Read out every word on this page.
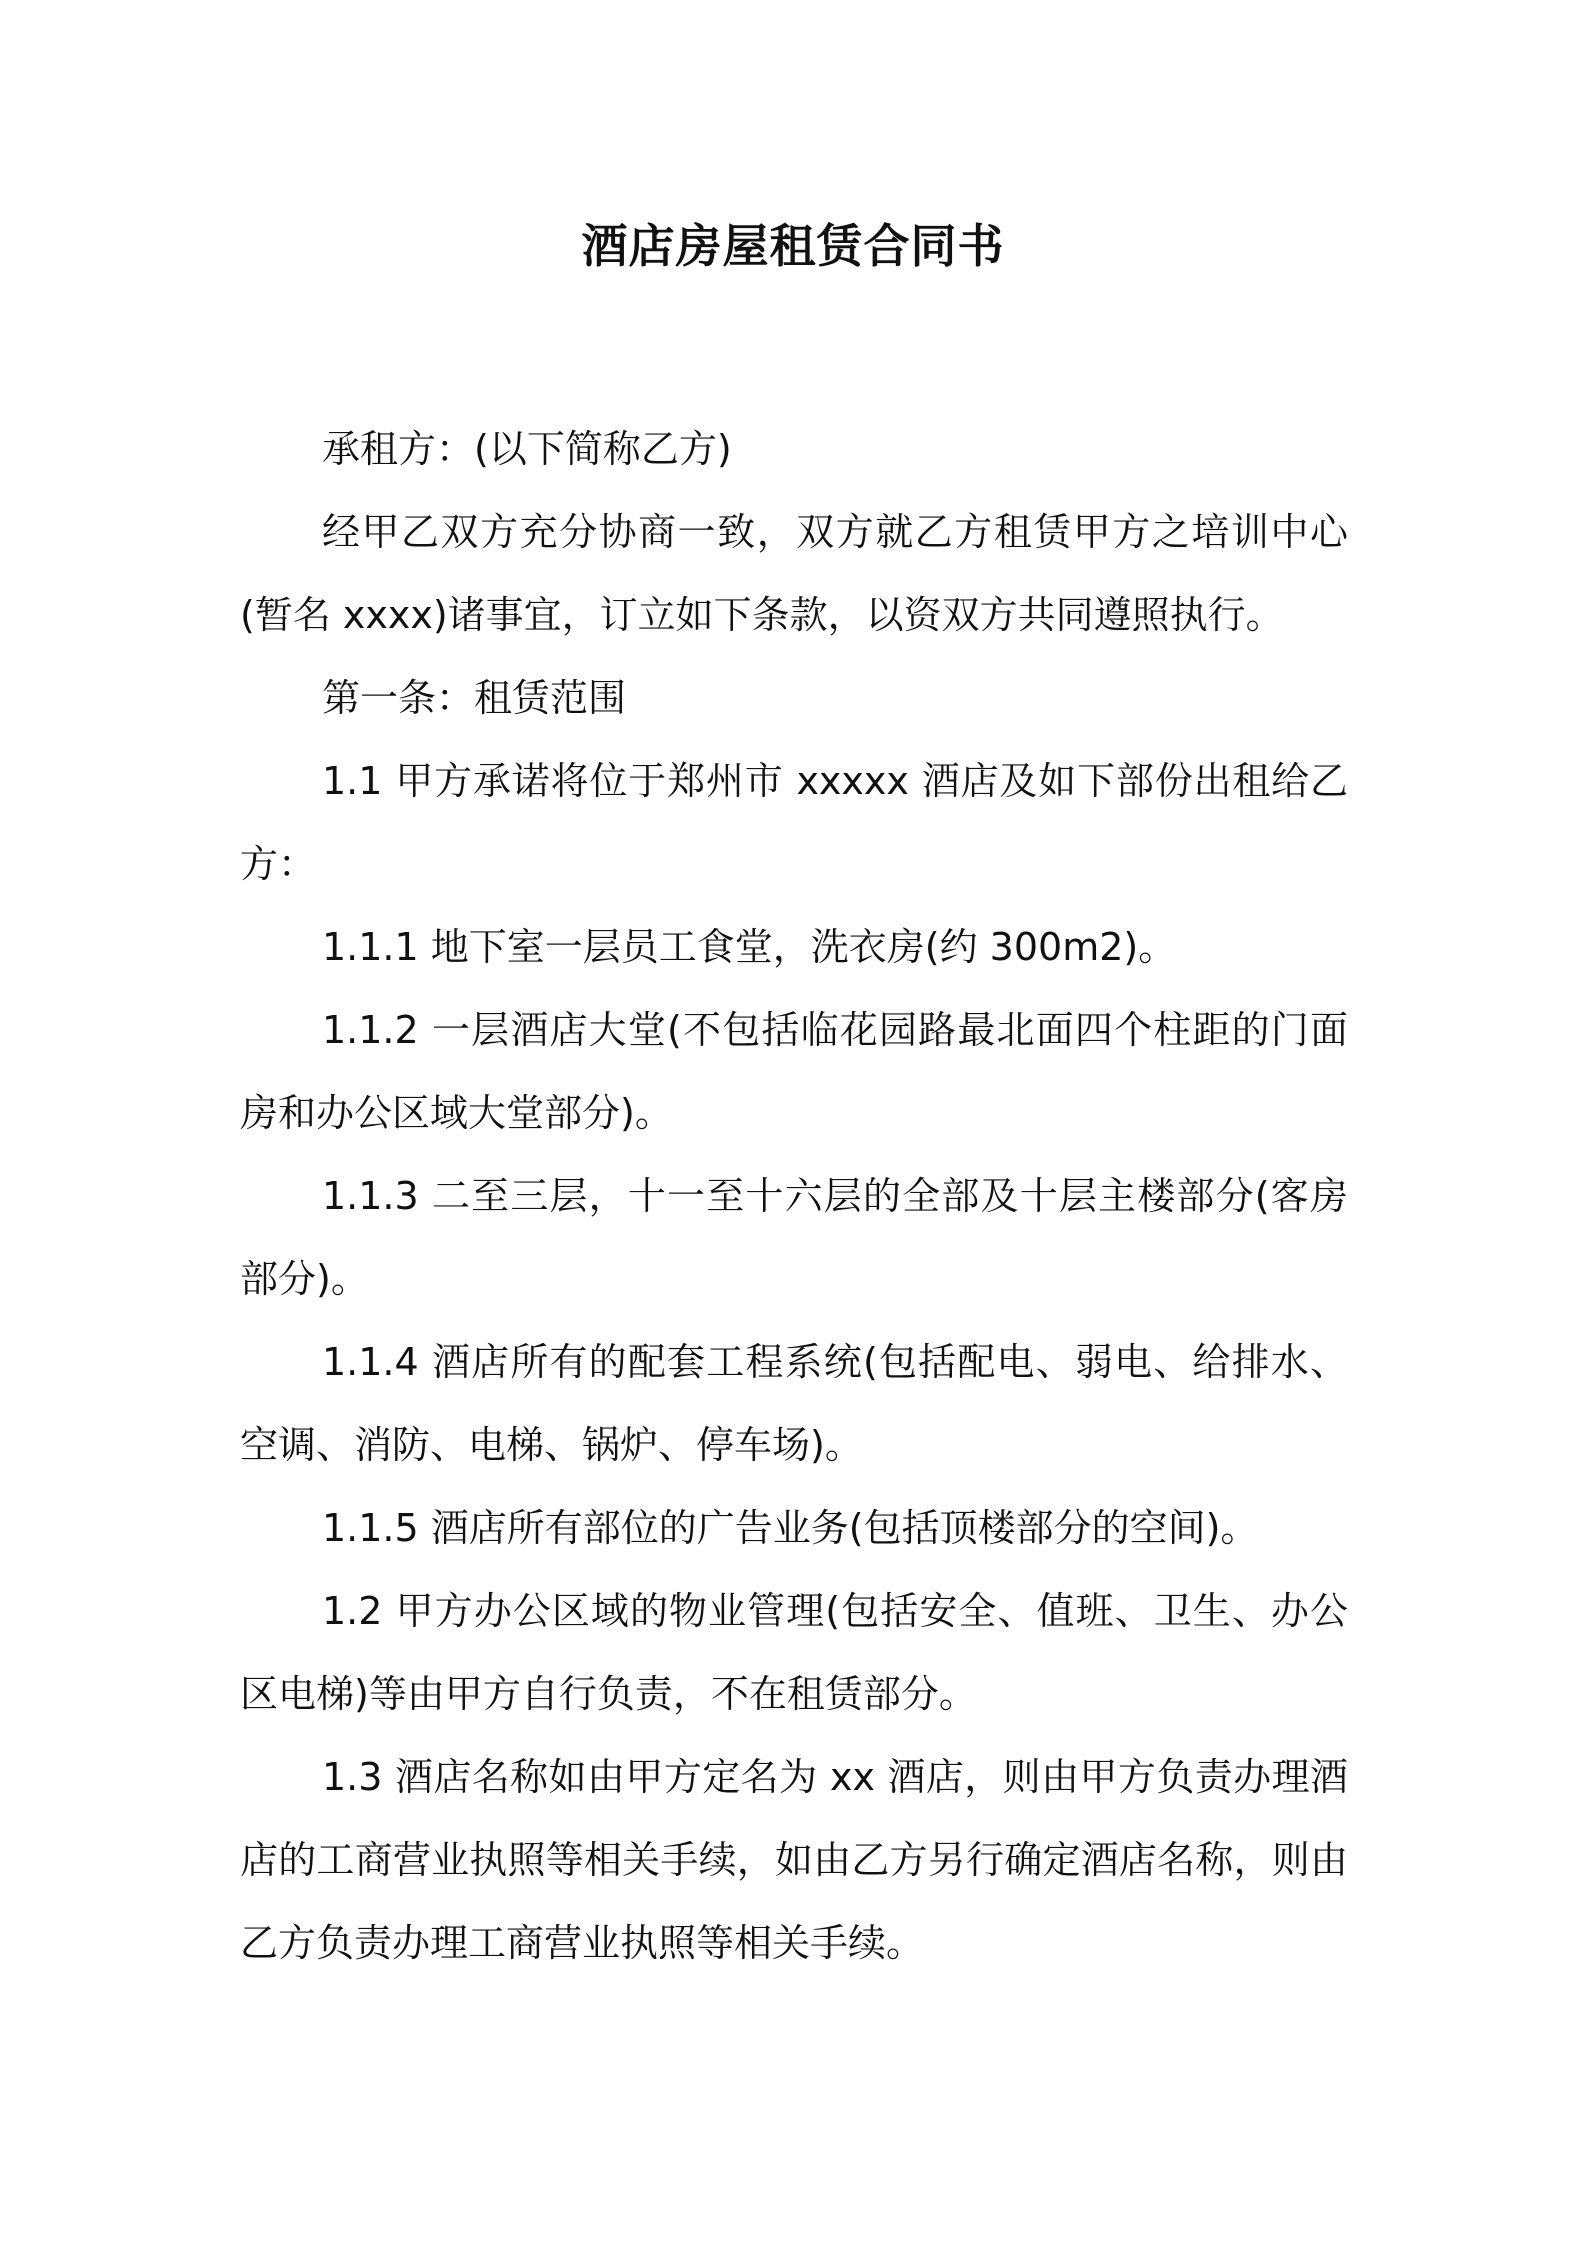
酒店房屋租赁合同书

承租方：(以下简称乙方)

经甲乙双方充分协商一致，双方就乙方租赁甲方之培训中心(暂名 xxxx)诸事宜，订立如下条款，以资双方共同遵照执行。

第一条：租赁范围

1.1 甲方承诺将位于郑州市 xxxxx 酒店及如下部份出租给乙方：

1.1.1 地下室一层员工食堂，洗衣房(约 300m2)。

1.1.2 一层酒店大堂(不包括临花园路最北面四个柱距的门面房和办公区域大堂部分)。

1.1.3 二至三层，十一至十六层的全部及十层主楼部分(客房部分)。

1.1.4 酒店所有的配套工程系统(包括配电、弱电、给排水、空调、消防、电梯、锅炉、停车场)。

1.1.5 酒店所有部位的广告业务(包括顶楼部分的空间)。

1.2 甲方办公区域的物业管理(包括安全、值班、卫生、办公区电梯)等由甲方自行负责，不在租赁部分。

1.3 酒店名称如由甲方定名为 xx 酒店，则由甲方负责办理酒店的工商营业执照等相关手续，如由乙方另行确定酒店名称，则由乙方负责办理工商营业执照等相关手续。
